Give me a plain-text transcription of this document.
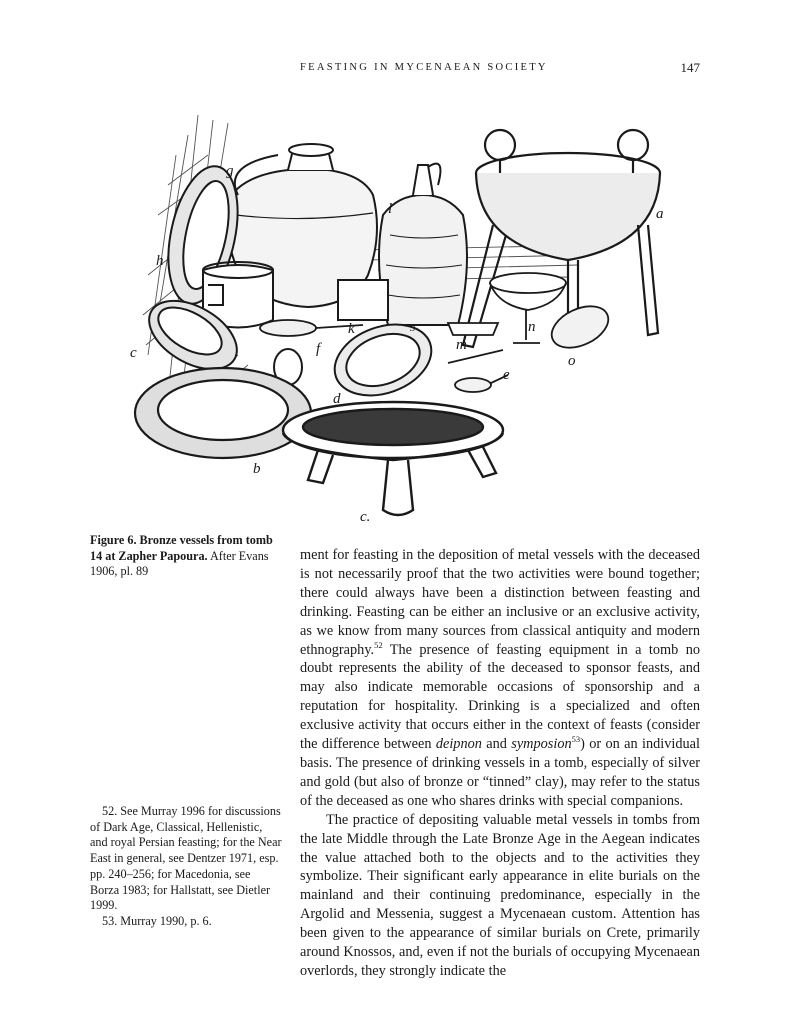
FEASTING IN MYCENAEAN SOCIETY	147
g
l
h
k
f
c	m
n
o
e
d
b
a
3
c.
Figure 6. Bronze vessels from tomb 14 at Zapher Papoura. After Evans 1906, pl. 89

ment for feasting in the deposition of metal vessels with the deceased is not necessarily proof that the two activities were bound together; there could always have been a distinction between feasting and drinking. Feasting can be either an inclusive or an exclusive activity, as we know from many sources from classical antiquity and modern ethnography.$^{52}$ The presence of feasting equipment in a tomb no doubt represents the ability of the deceased to sponsor feasts, and may also indicate memorable occasions of sponsorship and a reputation for hospitality. Drinking is a specialized and often exclusive activity that occurs either in the context of feasts (consider the difference between deipnon and symposion$^{53}$) or on an individual basis. The presence of drinking vessels in a tomb, especially of silver and gold (but also of bronze or “tinned” clay), may refer to the status of the deceased as one who shares drinks with special companions.

The practice of depositing valuable metal vessels in tombs from the late Middle through the Late Bronze Age in the Aegean indicates the value attached both to the objects and to the activities they symbolize. Their significant early appearance in elite burials on the mainland and their continuing predominance, especially in the Argolid and Messenia, suggest a Mycenaean custom. Attention has been given to the appearance of similar burials on Crete, primarily around Knossos, and, even if not the burials of occupying Mycenaean overlords, they strongly indicate the

52. See Murray 1996 for discussions of Dark Age, Classical, Hellenistic, and royal Persian feasting; for the Near East in general, see Dentzer 1971, esp. pp. 240–256; for Macedonia, see Borza 1983; for Hallstatt, see Dietler 1999.

53. Murray 1990, p. 6.
